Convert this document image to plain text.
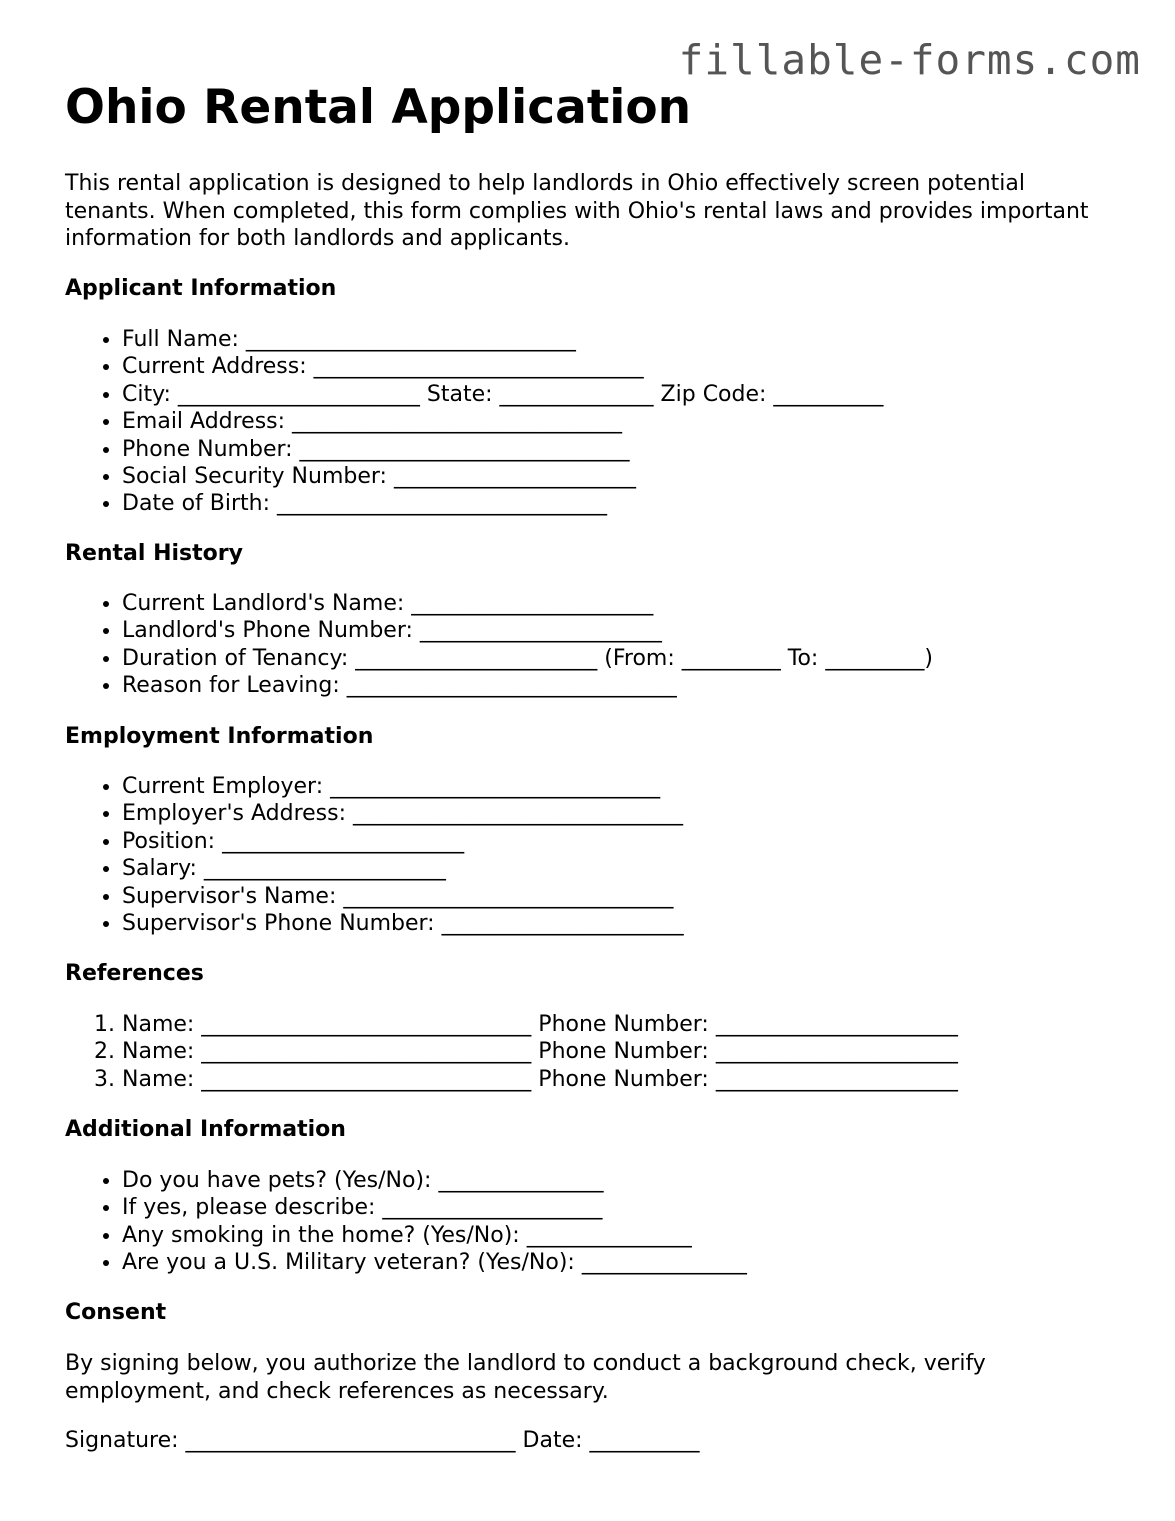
fillable-forms.com
Ohio Rental Application

This rental application is designed to help landlords in Ohio effectively screen potential tenants. When completed, this form complies with Ohio's rental laws and provides important information for both landlords and applicants.

Applicant Information
• Full Name: ______________________________
• Current Address: ______________________________
• City: ______________________ State: ______________ Zip Code: __________
• Email Address: ______________________________
• Phone Number: ______________________________
• Social Security Number: ______________________
• Date of Birth: ______________________________
Rental History
• Current Landlord's Name: ______________________
• Landlord's Phone Number: ______________________
• Duration of Tenancy: ______________________ (From: _________ To: _________)
• Reason for Leaving: ______________________________
Employment Information
• Current Employer: ______________________________
• Employer's Address: ______________________________
• Position: ______________________
• Salary: ______________________
• Supervisor's Name: ______________________________
• Supervisor's Phone Number: ______________________
References
1. Name: ______________________________ Phone Number: ______________________
2. Name: ______________________________ Phone Number: ______________________
3. Name: ______________________________ Phone Number: ______________________
Additional Information
• Do you have pets? (Yes/No): _______________
• If yes, please describe: ____________________
• Any smoking in the home? (Yes/No): _______________
• Are you a U.S. Military veteran? (Yes/No): _______________
Consent

By signing below, you authorize the landlord to conduct a background check, verify employment, and check references as necessary.

Signature: ______________________________ Date: __________
